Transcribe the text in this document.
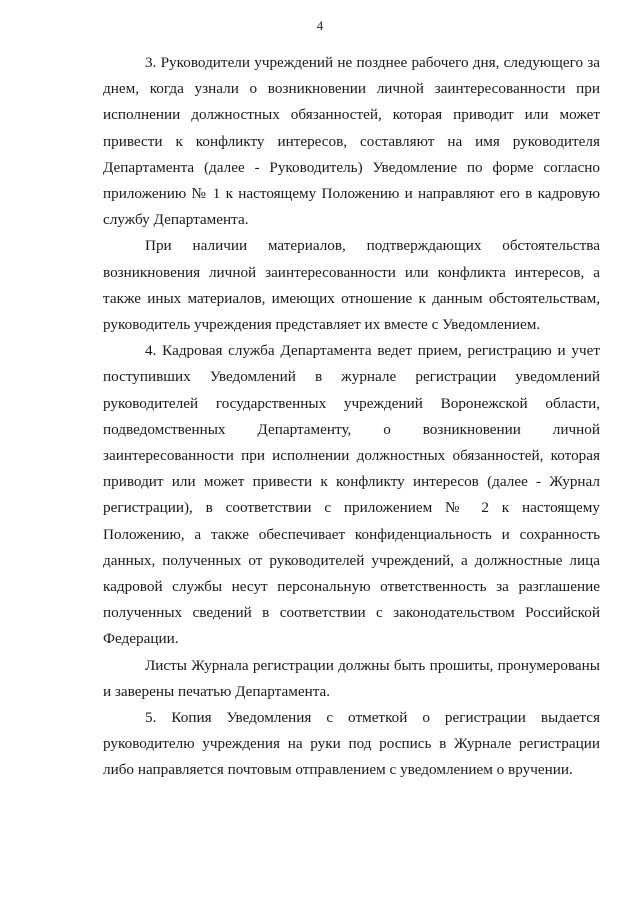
4

3. Руководители учреждений не позднее рабочего дня, следующего за днем, когда узнали о возникновении личной заинтересованности при исполнении должностных обязанностей, которая приводит или может привести к конфликту интересов, составляют на имя руководителя Департамента (далее - Руководитель) Уведомление по форме согласно приложению № 1 к настоящему Положению и направляют его в кадровую службу Департамента.

При наличии материалов, подтверждающих обстоятельства возникновения личной заинтересованности или конфликта интересов, а также иных материалов, имеющих отношение к данным обстоятельствам, руководитель учреждения представляет их вместе с Уведомлением.

4. Кадровая служба Департамента ведет прием, регистрацию и учет поступивших Уведомлений в журнале регистрации уведомлений руководителей государственных учреждений Воронежской области, подведомственных Департаменту, о возникновении личной заинтересованности при исполнении должностных обязанностей, которая приводит или может привести к конфликту интересов (далее - Журнал регистрации), в соответствии с приложением № 2 к настоящему Положению, а также обеспечивает конфиденциальность и сохранность данных, полученных от руководителей учреждений, а должностные лица кадровой службы несут персональную ответственность за разглашение полученных сведений в соответствии с законодательством Российской Федерации.

Листы Журнала регистрации должны быть прошиты, пронумерованы и заверены печатью Департамента.

5. Копия Уведомления с отметкой о регистрации выдается руководителю учреждения на руки под роспись в Журнале регистрации либо направляется почтовым отправлением с уведомлением о вручении.
